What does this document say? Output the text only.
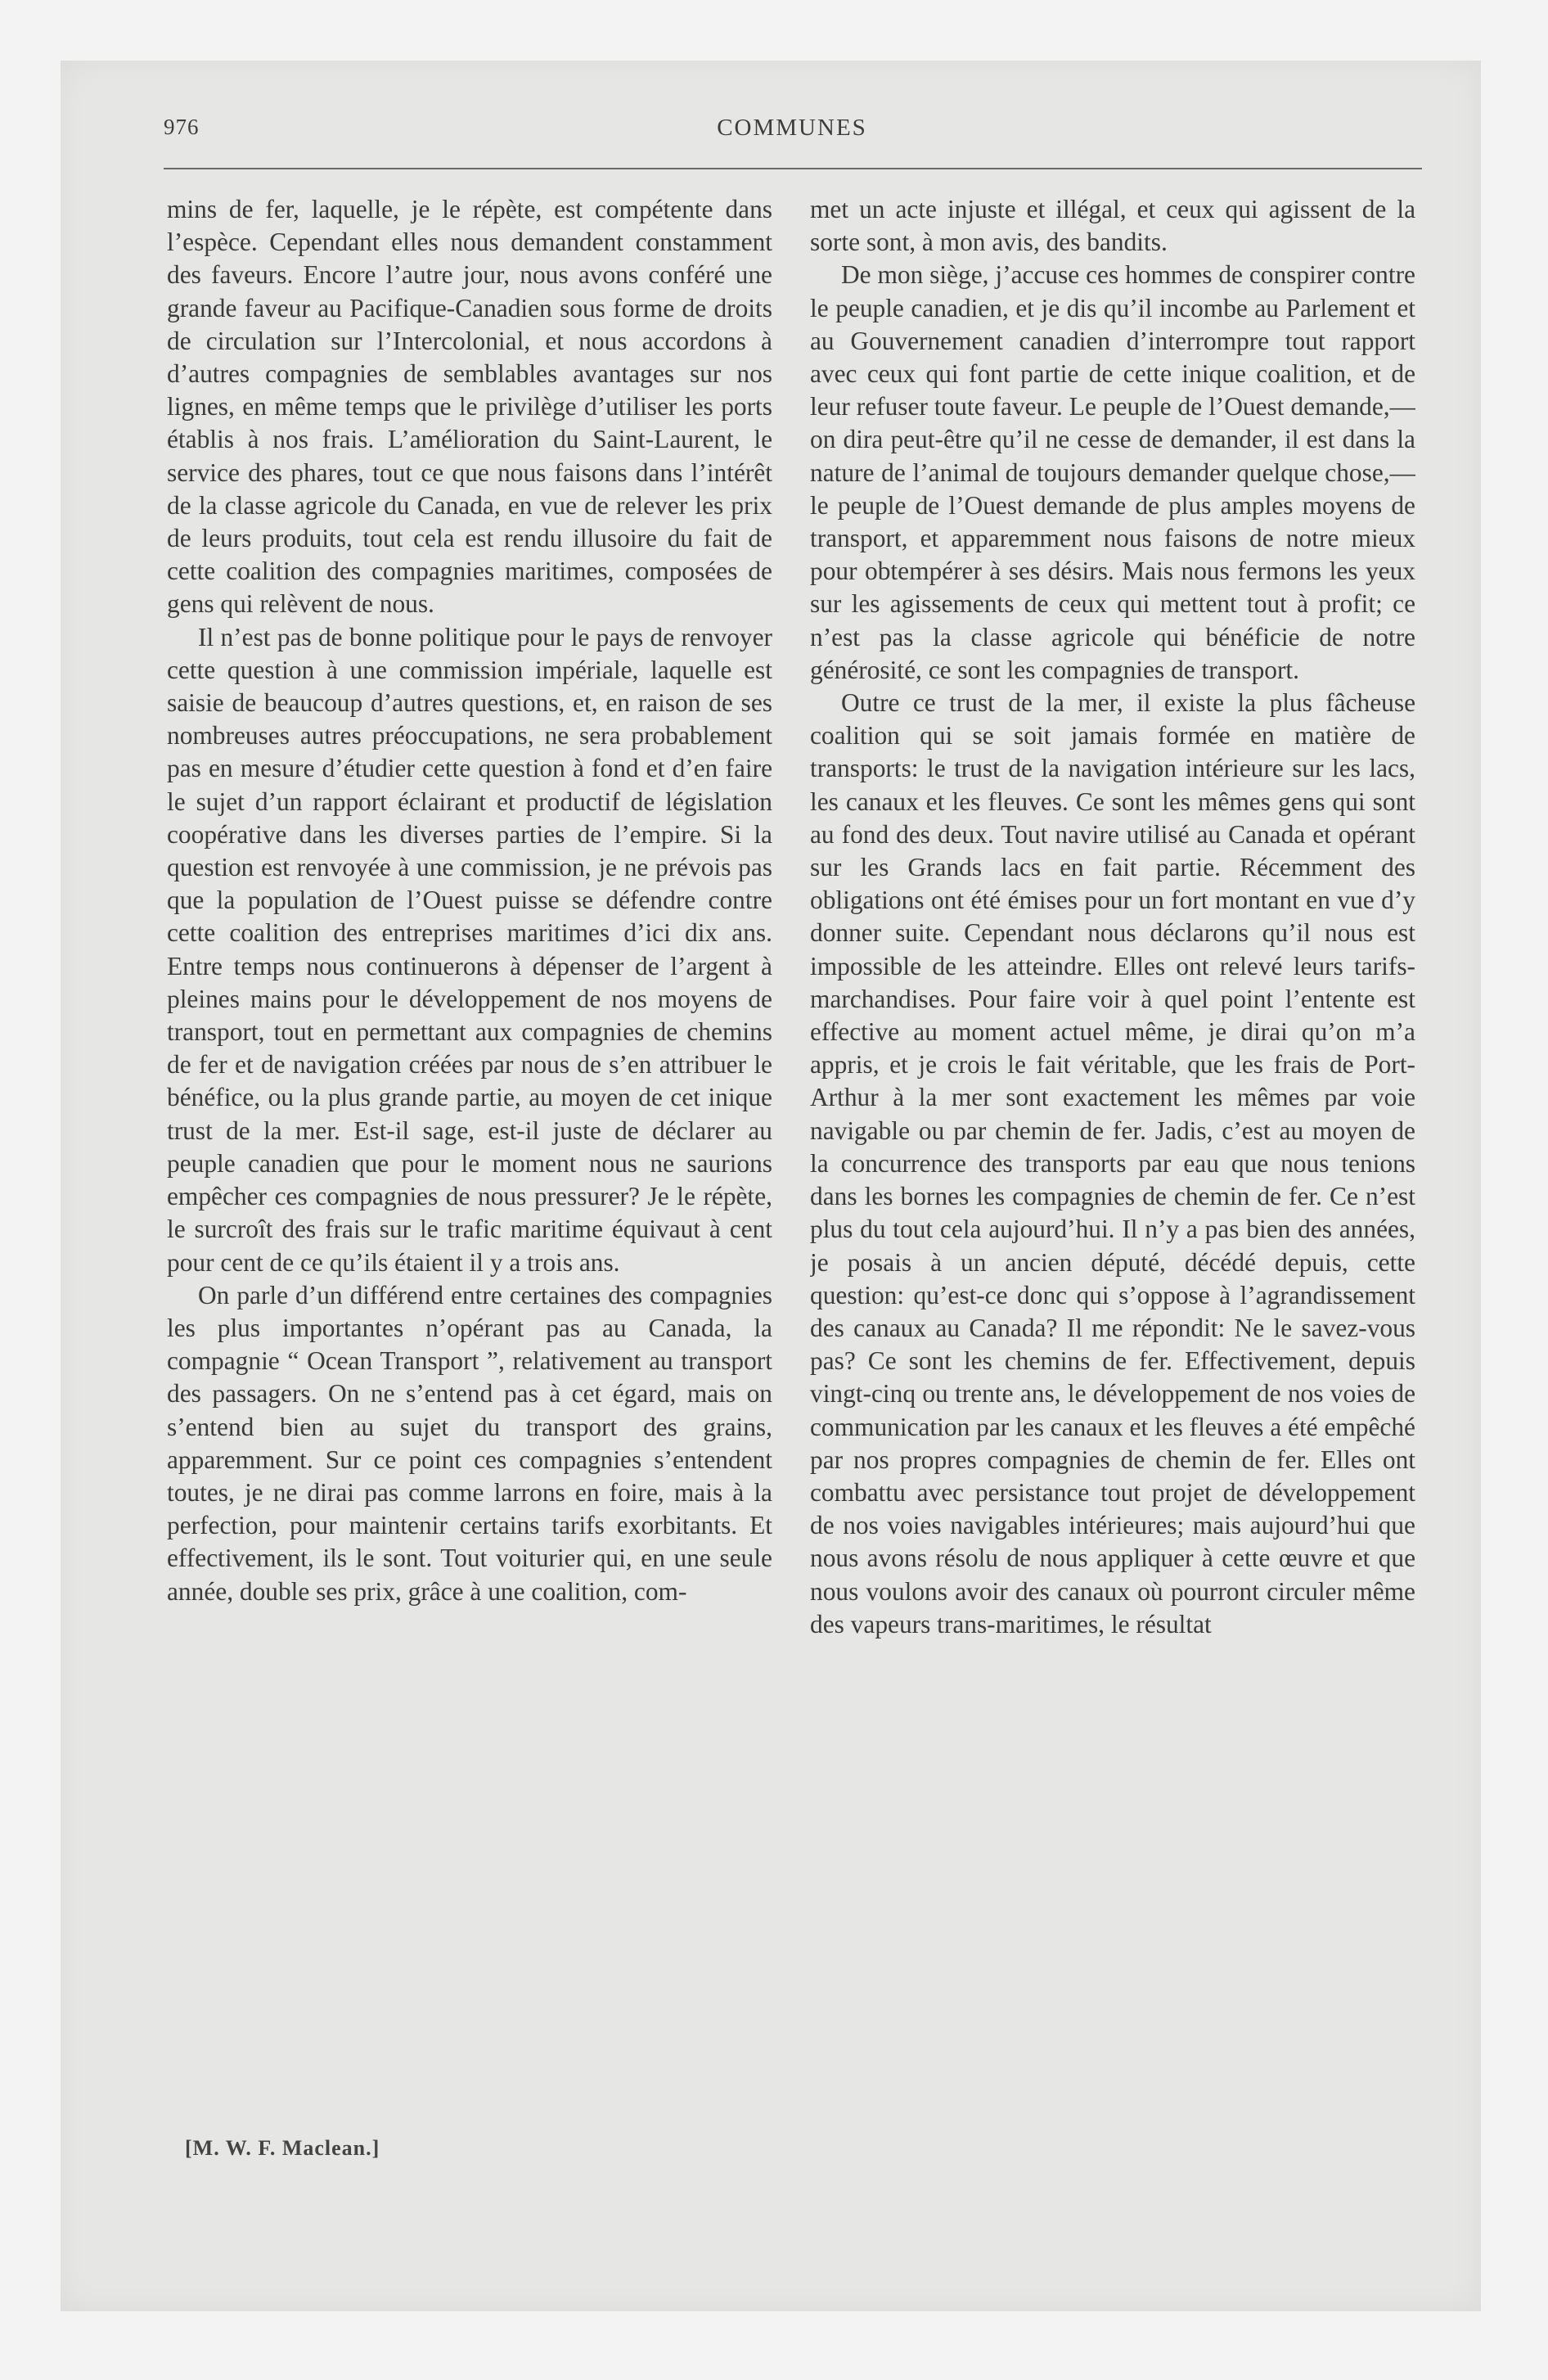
976	COMMUNES

mins de fer, laquelle, je le répète, est compétente dans l’espèce. Cependant elles nous demandent constamment des faveurs. Encore l’autre jour, nous avons conféré une grande faveur au Pacifique-Canadien sous forme de droits de circulation sur l’Intercolonial, et nous accordons à d’autres compagnies de semblables avantages sur nos lignes, en même temps que le privilège d’utiliser les ports établis à nos frais. L’amélioration du Saint-Laurent, le service des phares, tout ce que nous faisons dans l’intérêt de la classe agricole du Canada, en vue de relever les prix de leurs produits, tout cela est rendu illusoire du fait de cette coalition des compagnies maritimes, composées de gens qui relèvent de nous.

Il n’est pas de bonne politique pour le pays de renvoyer cette question à une commission impériale, laquelle est saisie de beaucoup d’autres questions, et, en raison de ses nombreuses autres préoccupations, ne sera probablement pas en mesure d’étudier cette question à fond et d’en faire le sujet d’un rapport éclairant et productif de législation coopérative dans les diverses parties de l’empire. Si la question est renvoyée à une commission, je ne prévois pas que la population de l’Ouest puisse se défendre contre cette coalition des entreprises maritimes d’ici dix ans. Entre temps nous continuerons à dépenser de l’argent à pleines mains pour le développement de nos moyens de transport, tout en permettant aux compagnies de chemins de fer et de navigation créées par nous de s’en attribuer le bénéfice, ou la plus grande partie, au moyen de cet inique trust de la mer. Est-il sage, est-il juste de déclarer au peuple canadien que pour le moment nous ne saurions empêcher ces compagnies de nous pressurer? Je le répète, le surcroît des frais sur le trafic maritime équivaut à cent pour cent de ce qu’ils étaient il y a trois ans.

On parle d’un différend entre certaines des compagnies les plus importantes n’opérant pas au Canada, la compagnie “ Ocean Transport ”, relativement au transport des passagers. On ne s’entend pas à cet égard, mais on s’entend bien au sujet du transport des grains, apparemment. Sur ce point ces compagnies s’entendent toutes, je ne dirai pas comme larrons en foire, mais à la perfection, pour maintenir certains tarifs exorbitants. Et effectivement, ils le sont. Tout voiturier qui, en une seule année, double ses prix, grâce à une coalition, com-

[M. W. F. Maclean.]

met un acte injuste et illégal, et ceux qui agissent de la sorte sont, à mon avis, des bandits.

De mon siège, j’accuse ces hommes de conspirer contre le peuple canadien, et je dis qu’il incombe au Parlement et au Gouvernement canadien d’interrompre tout rapport avec ceux qui font partie de cette inique coalition, et de leur refuser toute faveur. Le peuple de l’Ouest demande,—on dira peut-être qu’il ne cesse de demander, il est dans la nature de l’animal de toujours demander quelque chose,—le peuple de l’Ouest demande de plus amples moyens de transport, et apparemment nous faisons de notre mieux pour obtempérer à ses désirs. Mais nous fermons les yeux sur les agissements de ceux qui mettent tout à profit; ce n’est pas la classe agricole qui bénéficie de notre générosité, ce sont les compagnies de transport.

Outre ce trust de la mer, il existe la plus fâcheuse coalition qui se soit jamais formée en matière de transports: le trust de la navigation intérieure sur les lacs, les canaux et les fleuves. Ce sont les mêmes gens qui sont au fond des deux. Tout navire utilisé au Canada et opérant sur les Grands lacs en fait partie. Récemment des obligations ont été émises pour un fort montant en vue d’y donner suite. Cependant nous déclarons qu’il nous est impossible de les atteindre. Elles ont relevé leurs tarifs-marchandises. Pour faire voir à quel point l’entente est effective au moment actuel même, je dirai qu’on m’a appris, et je crois le fait véritable, que les frais de Port-Arthur à la mer sont exactement les mêmes par voie navigable ou par chemin de fer. Jadis, c’est au moyen de la concurrence des transports par eau que nous tenions dans les bornes les compagnies de chemin de fer. Ce n’est plus du tout cela aujourd’hui. Il n’y a pas bien des années, je posais à un ancien député, décédé depuis, cette question: qu’est-ce donc qui s’oppose à l’agrandissement des canaux au Canada? Il me répondit: Ne le savez-vous pas? Ce sont les chemins de fer. Effectivement, depuis vingt-cinq ou trente ans, le développement de nos voies de communication par les canaux et les fleuves a été empêché par nos propres compagnies de chemin de fer. Elles ont combattu avec persistance tout projet de développement de nos voies navigables intérieures; mais aujourd’hui que nous avons résolu de nous appliquer à cette œuvre et que nous voulons avoir des canaux où pourront circuler même des vapeurs trans-maritimes, le résultat
